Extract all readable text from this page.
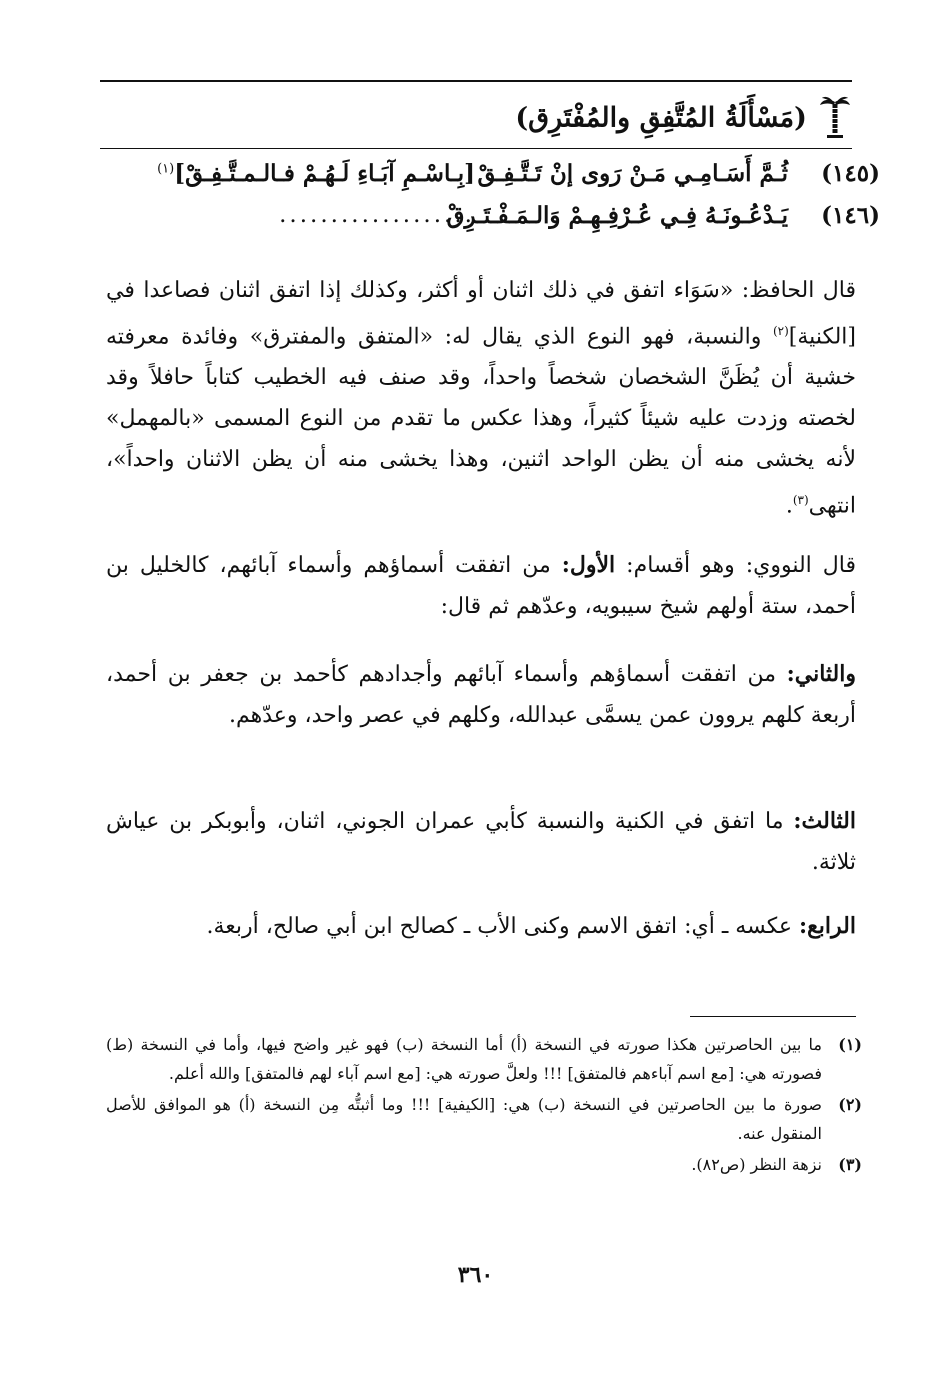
(مَسْأَلَةُ المُتَّفِقِ والمُفْتَرِق)
(١٤٥)
ثُـمَّ أَسَـامِـي مَـنْ رَوى إنْ تَـتَّـفِـقْ
[بِـاسْـمِ آبَـاءِ لَـهُـمْ فـالـمـتَّـفِـقْ]$^{(١)}$
(١٤٦)
يَـدْعُـونَـهُ فِـي عُـرْفِـهِـمْ وَالـمَـفْـتَـرِقْ
...................
قال الحافظ: «سَوَاء اتفق في ذلك اثنان أو أكثر، وكذلك إذا اتفق اثنان فصاعدا في [الكنية]$^{(٢)}$ والنسبة، فهو النوع الذي يقال له: «المتفق والمفترق» وفائدة معرفته خشية أن يُظَنَّ الشخصان شخصاً واحداً، وقد صنف فيه الخطيب كتاباً حافلاً وقد لخصته وزدت عليه شيئاً كثيراً، وهذا عكس ما تقدم من النوع المسمى «بالمهمل» لأنه يخشى منه أن يظن الواحد اثنين، وهذا يخشى منه أن يظن الاثنان واحداً»، انتهى$^{(٣)}$.
قال النووي: وهو أقسام: الأول: من اتفقت أسماؤهم وأسماء آبائهم، كالخليل بن أحمد، ستة أولهم شيخ سيبويه، وعدّهم ثم قال:
والثاني: من اتفقت أسماؤهم وأسماء آبائهم وأجدادهم كأحمد بن جعفر بن أحمد، أربعة كلهم يروون عمن يسمَّى عبدالله، وكلهم في عصر واحد، وعدّهم.
الثالث: ما اتفق في الكنية والنسبة كأبي عمران الجوني، اثنان، وأبوبكر بن عياش ثلاثة.
الرابع: عكسه ـ أي: اتفق الاسم وكنى الأب ـ كصالح ابن أبي صالح، أربعة.
(١)
ما بين الحاصرتين هكذا صورته في النسخة (أ) أما النسخة (ب) فهو غير واضح فيها، وأما في النسخة (ط) فصورته هي: [مع اسم آباءهم فالمتفق] !!! ولعلَّ صورته هي: [مع اسم آباء لهم فالمتفق] والله أعلم.
(٢)
صورة ما بين الحاصرتين في النسخة (ب) هي: [الكيفية] !!! وما أثبتُّه مِن النسخة (أ) هو الموافق للأصل المنقول عنه.
(٣)
نزهة النظر (ص٨٢).
٣٦٠
